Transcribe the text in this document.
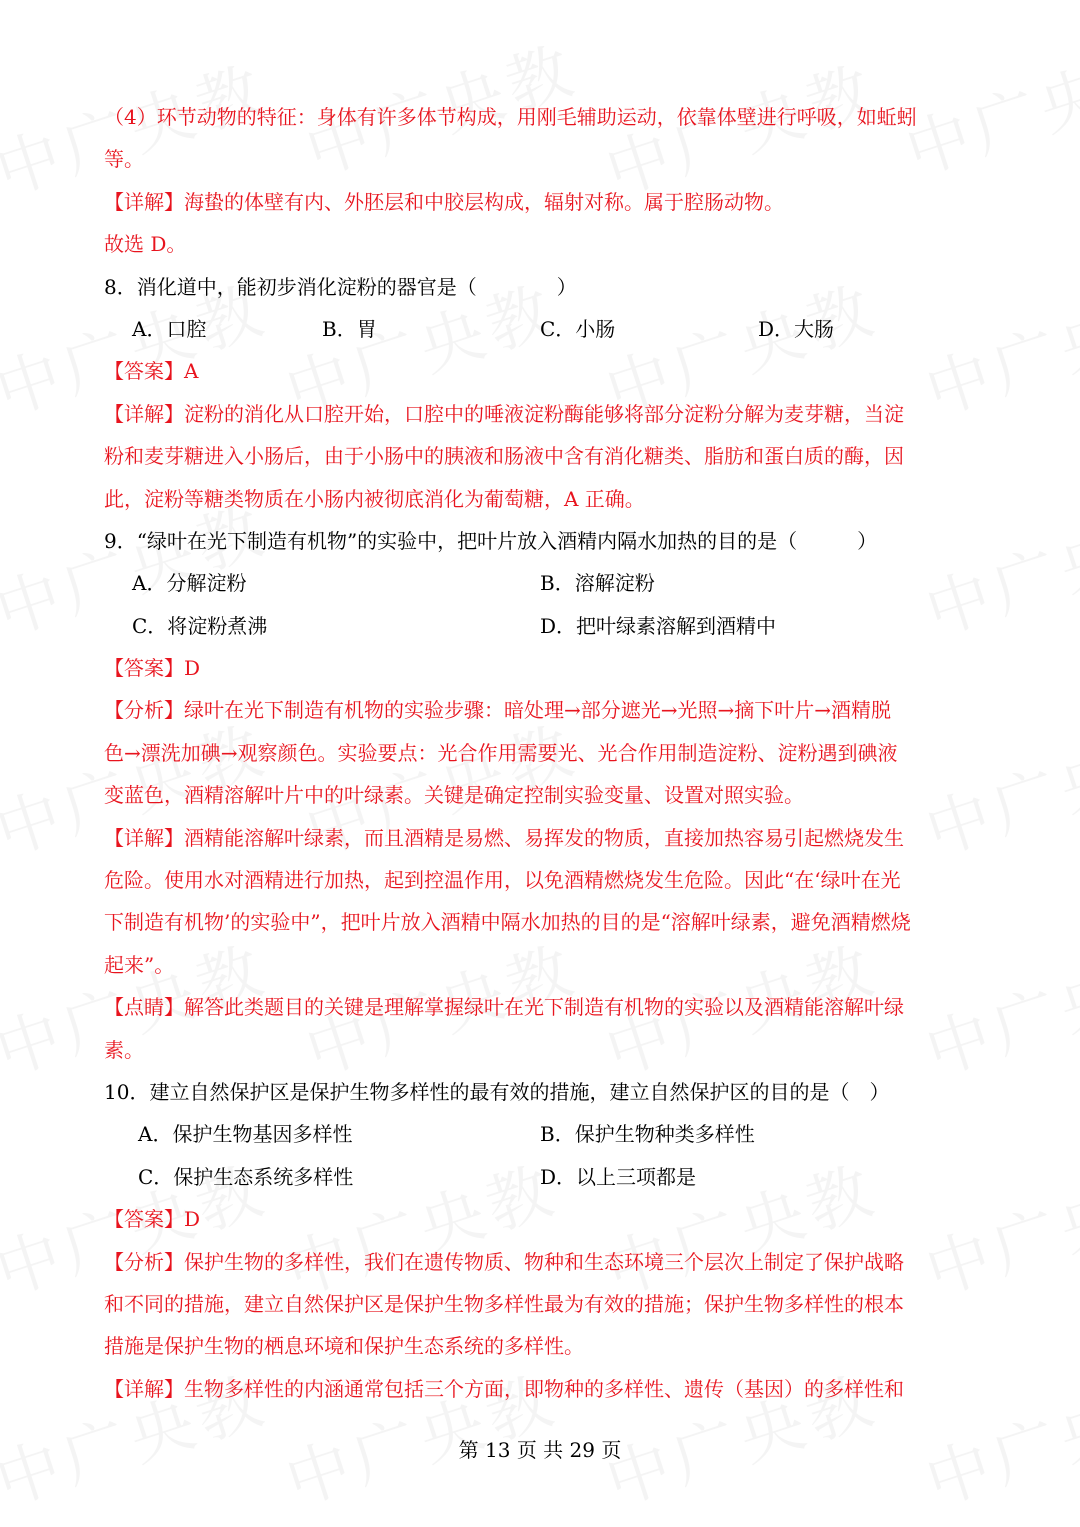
（4）环节动物的特征：身体有许多体节构成，用刚毛辅助运动，依靠体壁进行呼吸，如蚯蚓
等。
【详解】海蛰的体壁有内、外胚层和中胶层构成，辐射对称。属于腔肠动物。
故选 D。
8．消化道中，能初步消化淀粉的器官是（　　　　）
A．口腔	B．胃	C．小肠	D．大肠
【答案】A
【详解】淀粉的消化从口腔开始，口腔中的唾液淀粉酶能够将部分淀粉分解为麦芽糖，当淀
粉和麦芽糖进入小肠后，由于小肠中的胰液和肠液中含有消化糖类、脂肪和蛋白质的酶，因
此，淀粉等糖类物质在小肠内被彻底消化为葡萄糖，A 正确。
9．“绿叶在光下制造有机物”的实验中，把叶片放入酒精内隔水加热的目的是（　　　）
A．分解淀粉	B．溶解淀粉
C．将淀粉煮沸	D．把叶绿素溶解到酒精中
【答案】D
【分析】绿叶在光下制造有机物的实验步骤：暗处理→部分遮光→光照→摘下叶片→酒精脱
色→漂洗加碘→观察颜色。实验要点：光合作用需要光、光合作用制造淀粉、淀粉遇到碘液
变蓝色，酒精溶解叶片中的叶绿素。关键是确定控制实验变量、设置对照实验。
【详解】酒精能溶解叶绿素，而且酒精是易燃、易挥发的物质，直接加热容易引起燃烧发生
危险。使用水对酒精进行加热，起到控温作用，以免酒精燃烧发生危险。因此“在‘绿叶在光
下制造有机物’的实验中”，把叶片放入酒精中隔水加热的目的是“溶解叶绿素，避免酒精燃烧
起来”。
【点睛】解答此类题目的关键是理解掌握绿叶在光下制造有机物的实验以及酒精能溶解叶绿
素。
10．建立自然保护区是保护生物多样性的最有效的措施，建立自然保护区的目的是（　）
A．保护生物基因多样性	B．保护生物种类多样性
C．保护生态系统多样性	D．以上三项都是
【答案】D
【分析】保护生物的多样性，我们在遗传物质、物种和生态环境三个层次上制定了保护战略
和不同的措施，建立自然保护区是保护生物多样性最为有效的措施；保护生物多样性的根本
措施是保护生物的栖息环境和保护生态系统的多样性。
【详解】生物多样性的内涵通常包括三个方面，即物种的多样性、遗传（基因）的多样性和
第 13 页 共 29 页
